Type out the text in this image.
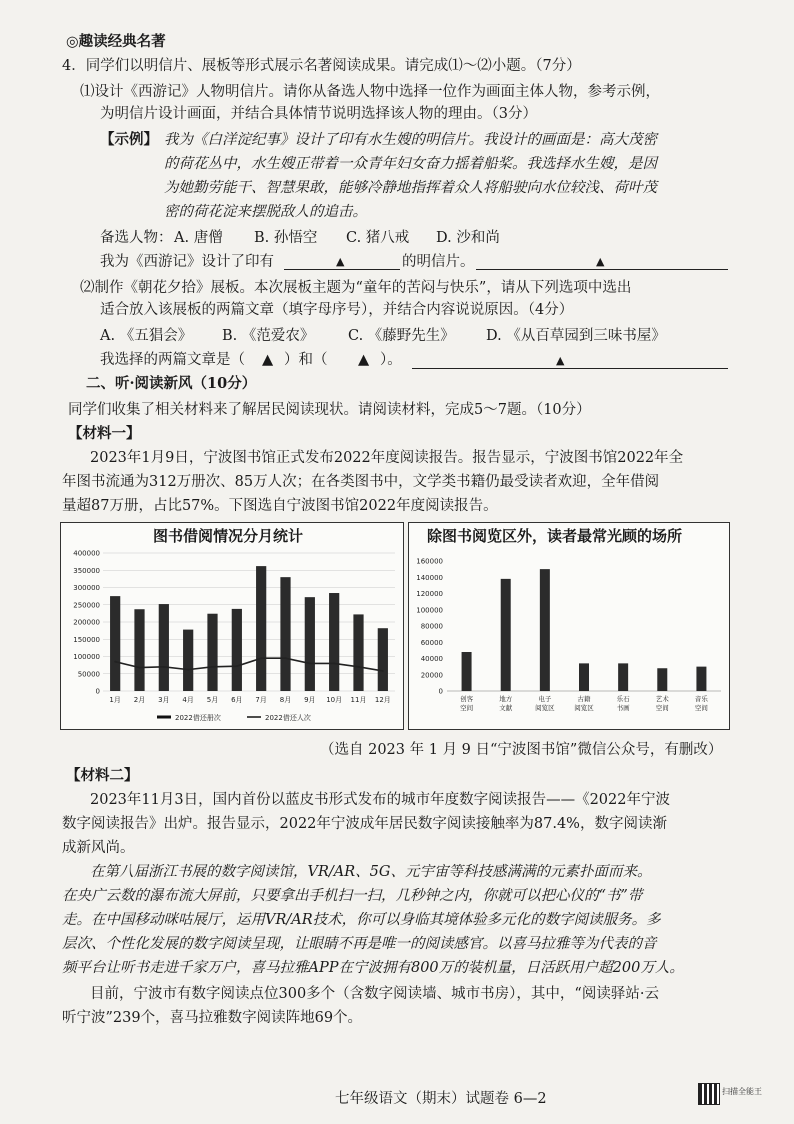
◎趣读经典名著
4．同学们以明信片、展板等形式展示名著阅读成果。请完成⑴～⑵小题。（7分）
⑴设计《西游记》人物明信片。请你从备选人物中选择一位作为画面主体人物，参考示例，
为明信片设计画面，并结合具体情节说明选择该人物的理由。（3分）
【示例】 我为《白洋淀纪事》设计了印有水生嫂的明信片。我设计的画面是：高大茂密
的荷花丛中，水生嫂正带着一众青年妇女奋力摇着船桨。我选择水生嫂，是因
为她勤劳能干、智慧果敢，能够冷静地指挥着众人将船驶向水位较浅、荷叶茂
密的荷花淀来摆脱敌人的追击。
备选人物： A. 唐僧 B. 孙悟空 C. 猪八戒 D. 沙和尚
我为《西游记》设计了印有	▲	的明信片。	▲
⑵制作《朝花夕拾》展板。本次展板主题为“童年的苦闷与快乐”，请从下列选项中选出
适合放入该展板的两篇文章（填字母序号），并结合内容说说原因。（4分）
A. 《五猖会》 B. 《范爱农》 C. 《藤野先生》 D. 《从百草园到三味书屋》
我选择的两篇文章是（ ▲ ）和（ ▲ ）。	▲
二、听·阅读新风（10分）
同学们收集了相关材料来了解居民阅读现状。请阅读材料，完成5～7题。（10分）
【材料一】
2023年1月9日，宁波图书馆正式发布2022年度阅读报告。报告显示，宁波图书馆2022年全
年图书流通为312万册次、85万人次；在各类图书中，文学类书籍仍最受读者欢迎，全年借阅
量超87万册，占比57%。下图选自宁波图书馆2022年度阅读报告。
图书借阅情况分月统计
0
50000
100000
150000
200000
250000
300000
350000
400000
1月 2月 3月 4月 5月 6月 7月 8月 9月 10月 11月 12月
2022借还册次	2022借还人次
除图书阅览区外，读者最常光顾的场所
0
20000
40000
60000
80000
100000
120000
140000
160000
创客
空间
地方
文献
电子
阅览区
古籍
阅览区
乐石
书画
艺术
空间
音乐
空间
（选自 2023 年 1 月 9 日“宁波图书馆”微信公众号，有删改）
【材料二】
2023年11月3日，国内首份以蓝皮书形式发布的城市年度数字阅读报告——《2022年宁波
数字阅读报告》出炉。报告显示，2022年宁波成年居民数字阅读接触率为87.4%，数字阅读渐
成新风尚。
在第八届浙江书展的数字阅读馆，VR/AR、5G、元宇宙等科技感满满的元素扑面而来。
在央广云数的瀑布流大屏前，只要拿出手机扫一扫，几秒钟之内，你就可以把心仪的“书”带
走。在中国移动咪咕展厅，运用VR/AR技术，你可以身临其境体验多元化的数字阅读服务。多
层次、个性化发展的数字阅读呈现，让眼睛不再是唯一的阅读感官。以喜马拉雅等为代表的音
频平台让听书走进千家万户，喜马拉雅APP在宁波拥有800万的装机量，日活跃用户超200万人。
目前，宁波市有数字阅读点位300多个（含数字阅读墙、城市书房），其中，“阅读驿站·云
听宁波”239个，喜马拉雅数字阅读阵地69个。
七年级语文（期末）试题卷 6—2	扫描全能王
